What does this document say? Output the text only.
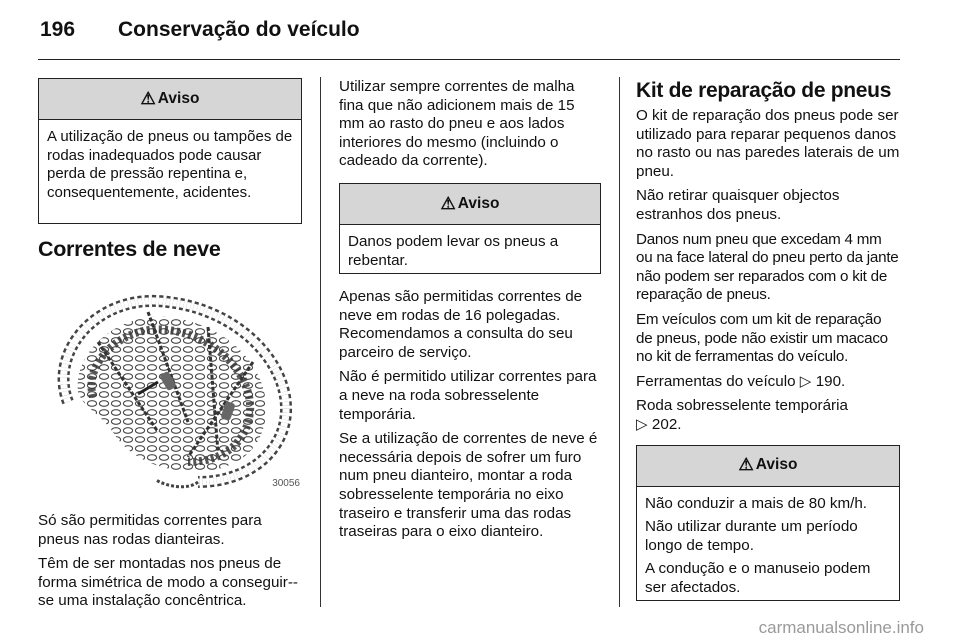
196	Conservação do veículo
⚠ Aviso

A utilização de pneus ou tampões de rodas inadequados pode causar perda de pressão repentina e, consequentemente, acidentes.

Correntes de neve
30056

Só são permitidas correntes para pneus nas rodas dianteiras.

Têm de ser montadas nos pneus de forma simétrica de modo a conseguir--se uma instalação concêntrica.

Utilizar sempre correntes de malha fina que não adicionem mais de 15 mm ao rasto do pneu e aos lados interiores do mesmo (incluindo o cadeado da corrente).

⚠ Aviso

Danos podem levar os pneus a rebentar.

Apenas são permitidas correntes de neve em rodas de 16 polegadas. Recomendamos a consulta do seu parceiro de serviço.

Não é permitido utilizar correntes para a neve na roda sobresselente temporária.

Se a utilização de correntes de neve é necessária depois de sofrer um furo num pneu dianteiro, montar a roda sobresselente temporária no eixo traseiro e transferir uma das rodas traseiras para o eixo dianteiro.

Kit de reparação de pneus

O kit de reparação dos pneus pode ser utilizado para reparar pequenos danos no rasto ou nas paredes laterais de um pneu.

Não retirar quaisquer objectos estranhos dos pneus.

Danos num pneu que excedam 4 mm ou na face lateral do pneu perto da jante não podem ser reparados com o kit de reparação de pneus.

Em veículos com um kit de reparação de pneus, pode não existir um macaco no kit de ferramentas do veículo.

Ferramentas do veículo ▷ 190.

Roda sobresselente temporária
▷ 202.

⚠ Aviso

Não conduzir a mais de 80 km/h.

Não utilizar durante um período longo de tempo.

A condução e o manuseio podem ser afectados.

carmanualsonline.info
